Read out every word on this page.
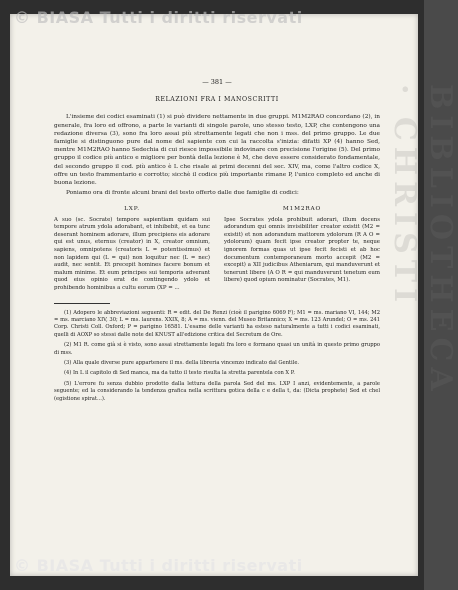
© BIASA Tutti i diritti riservati
BIBLIOTHECA · CHRISTI
— 381 —
RELAZIONI FRA I MANOSCRITTI

L'insieme dei codici esaminati (1) si può dividere nettamente in due gruppi. M1M2RAO concordano (2), in generale, fra loro ed offrono, a parte le varianti di singole parole, uno stesso testo, LXP, che contengono una redazione diversa (3), sono fra loro assai più strettamente legati che non i mss. del primo gruppo. Le due famiglie si distinguono pure dal nome del sapiente con cui la raccolta s'inizia: difatti XP (4) hanno Sed, mentre M1M2RAO hanno Sedechia di cui riesce impossibile indovinare con precisione l'origine (5). Del primo gruppo il codice più antico e migliore per bontà della lezione è M, che deve essere considerato fondamentale, del secondo gruppo il cod. più antico è L che risale ai primi decenni del sec. XIV, ma, come l'altro codice X, offre un testo frammentario e corrotto; sicchè il codice più importante rimane P, l'unico completo ed anche di buona lezione.

Poniamo ora di fronte alcuni brani del testo offerto dalle due famiglie di codici:

LXP.
A suo (sc. Socrate) tempore sapientiam quidam sui tempore atrum ydola adorabant, et inhibebit, et ea tunc deserant hominem adorare, illum precipiens eis adorare qui est unus, eternus (creator) in X, creator omnium, sapiens, omnipotens (creatoris L = potentissimus) et non lapidem qui (L = qui) non loquitur nec (L = nec) audit, nec sentit. Et precepit homines facere bonum et malum minime. Et eum principes sui temporis adverant quod eius opinio erat de contingendo ydolo et prohibendo hominibus a cultu eorum (XP = ...
M1M2RAO
Ipse Socrates ydola prohibuit adorari, illum docens adorandum qui omnis invisibiliter creator existit (M2 = existit) et non adorandum mattorem ydolorum (R A O = ydolorum) quam fecit ipse creator propter te, neque ignorem formas quas ut ipse fecit fecisti et ab hoc documentum contemporaneum morto accepit (M2 = excepit) a XII judicibus Atheniarum, qui manduverunt et tenerunt libere (A O R = qui manduverunt tenetum eum libere) quod opium nominatur (Socrates, M1).

(1) Adopero le abbreviazioni seguenti: R = edit. del De Renzi (cioè il parigino 6069 F); M1 = ms. mariano VI, 144; M2 = ms. marciano XIV, 30; L = ms. laurens. XXIX, 8; A = ms. vienn. del Museo Britannico; X = ms. 123 Arundel; O = ms. 241 Corp. Christi Coll. Oxford; P = parigino 16581. L'esame delle varianti ha esteso naturalmente a tutti i codici esaminati, quelli di AOXP so stessi dalle note del KNUST all'edizione critica del Secretum de Ore.

(2) M1 R. come già si è visto, sono assai strettamente legati fra loro e formano quasi un unità in questo primo gruppo di mss.

(3) Alla quale diverse pure appartenere il ms. della libreria vincenzo indicato dal Gentile.

(4) In L il capitolo di Sed manca, ma da tutto il testo risulta la stretta parentela con X P.

(5) L'errore fu senza dubbio prodotto dalla lettura della parola Sed del ms. LXP I anzi, evidentemente, a parole seguente; ed la considerando la tendenza grafica nella scrittura gotica della c e della t, da: (Dicta prophete) Sed et chel (egistione spirat...).

© BIASA Tutti i diritti riservati
